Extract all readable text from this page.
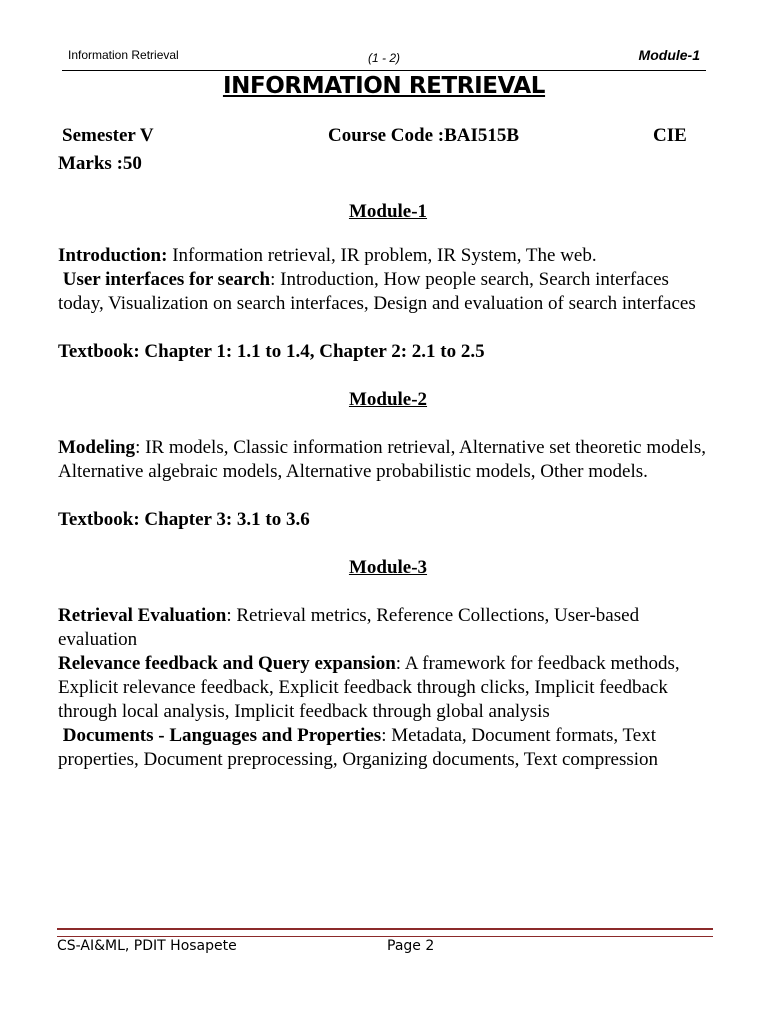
Information Retrieval	(1 - 2)	Module-1
INFORMATION RETRIEVAL
Semester V	Course Code :BAI515B	CIE
Marks :50
Module-1

Introduction: Information retrieval, IR problem, IR System, The web.

User interfaces for search: Introduction, How people search, Search interfaces today, Visualization on search interfaces, Design and evaluation of search interfaces

Textbook: Chapter 1: 1.1 to 1.4, Chapter 2: 2.1 to 2.5

Module-2

Modeling: IR models, Classic information retrieval, Alternative set theoretic models, Alternative algebraic models, Alternative probabilistic models, Other models.

Textbook: Chapter 3: 3.1 to 3.6

Module-3

Retrieval Evaluation: Retrieval metrics, Reference Collections, User-based evaluation

Relevance feedback and Query expansion: A framework for feedback methods, Explicit relevance feedback, Explicit feedback through clicks, Implicit feedback through local analysis, Implicit feedback through global analysis

Documents - Languages and Properties: Metadata, Document formats, Text properties, Document preprocessing, Organizing documents, Text compression

CS-AI&ML, PDIT Hosapete	Page 2
